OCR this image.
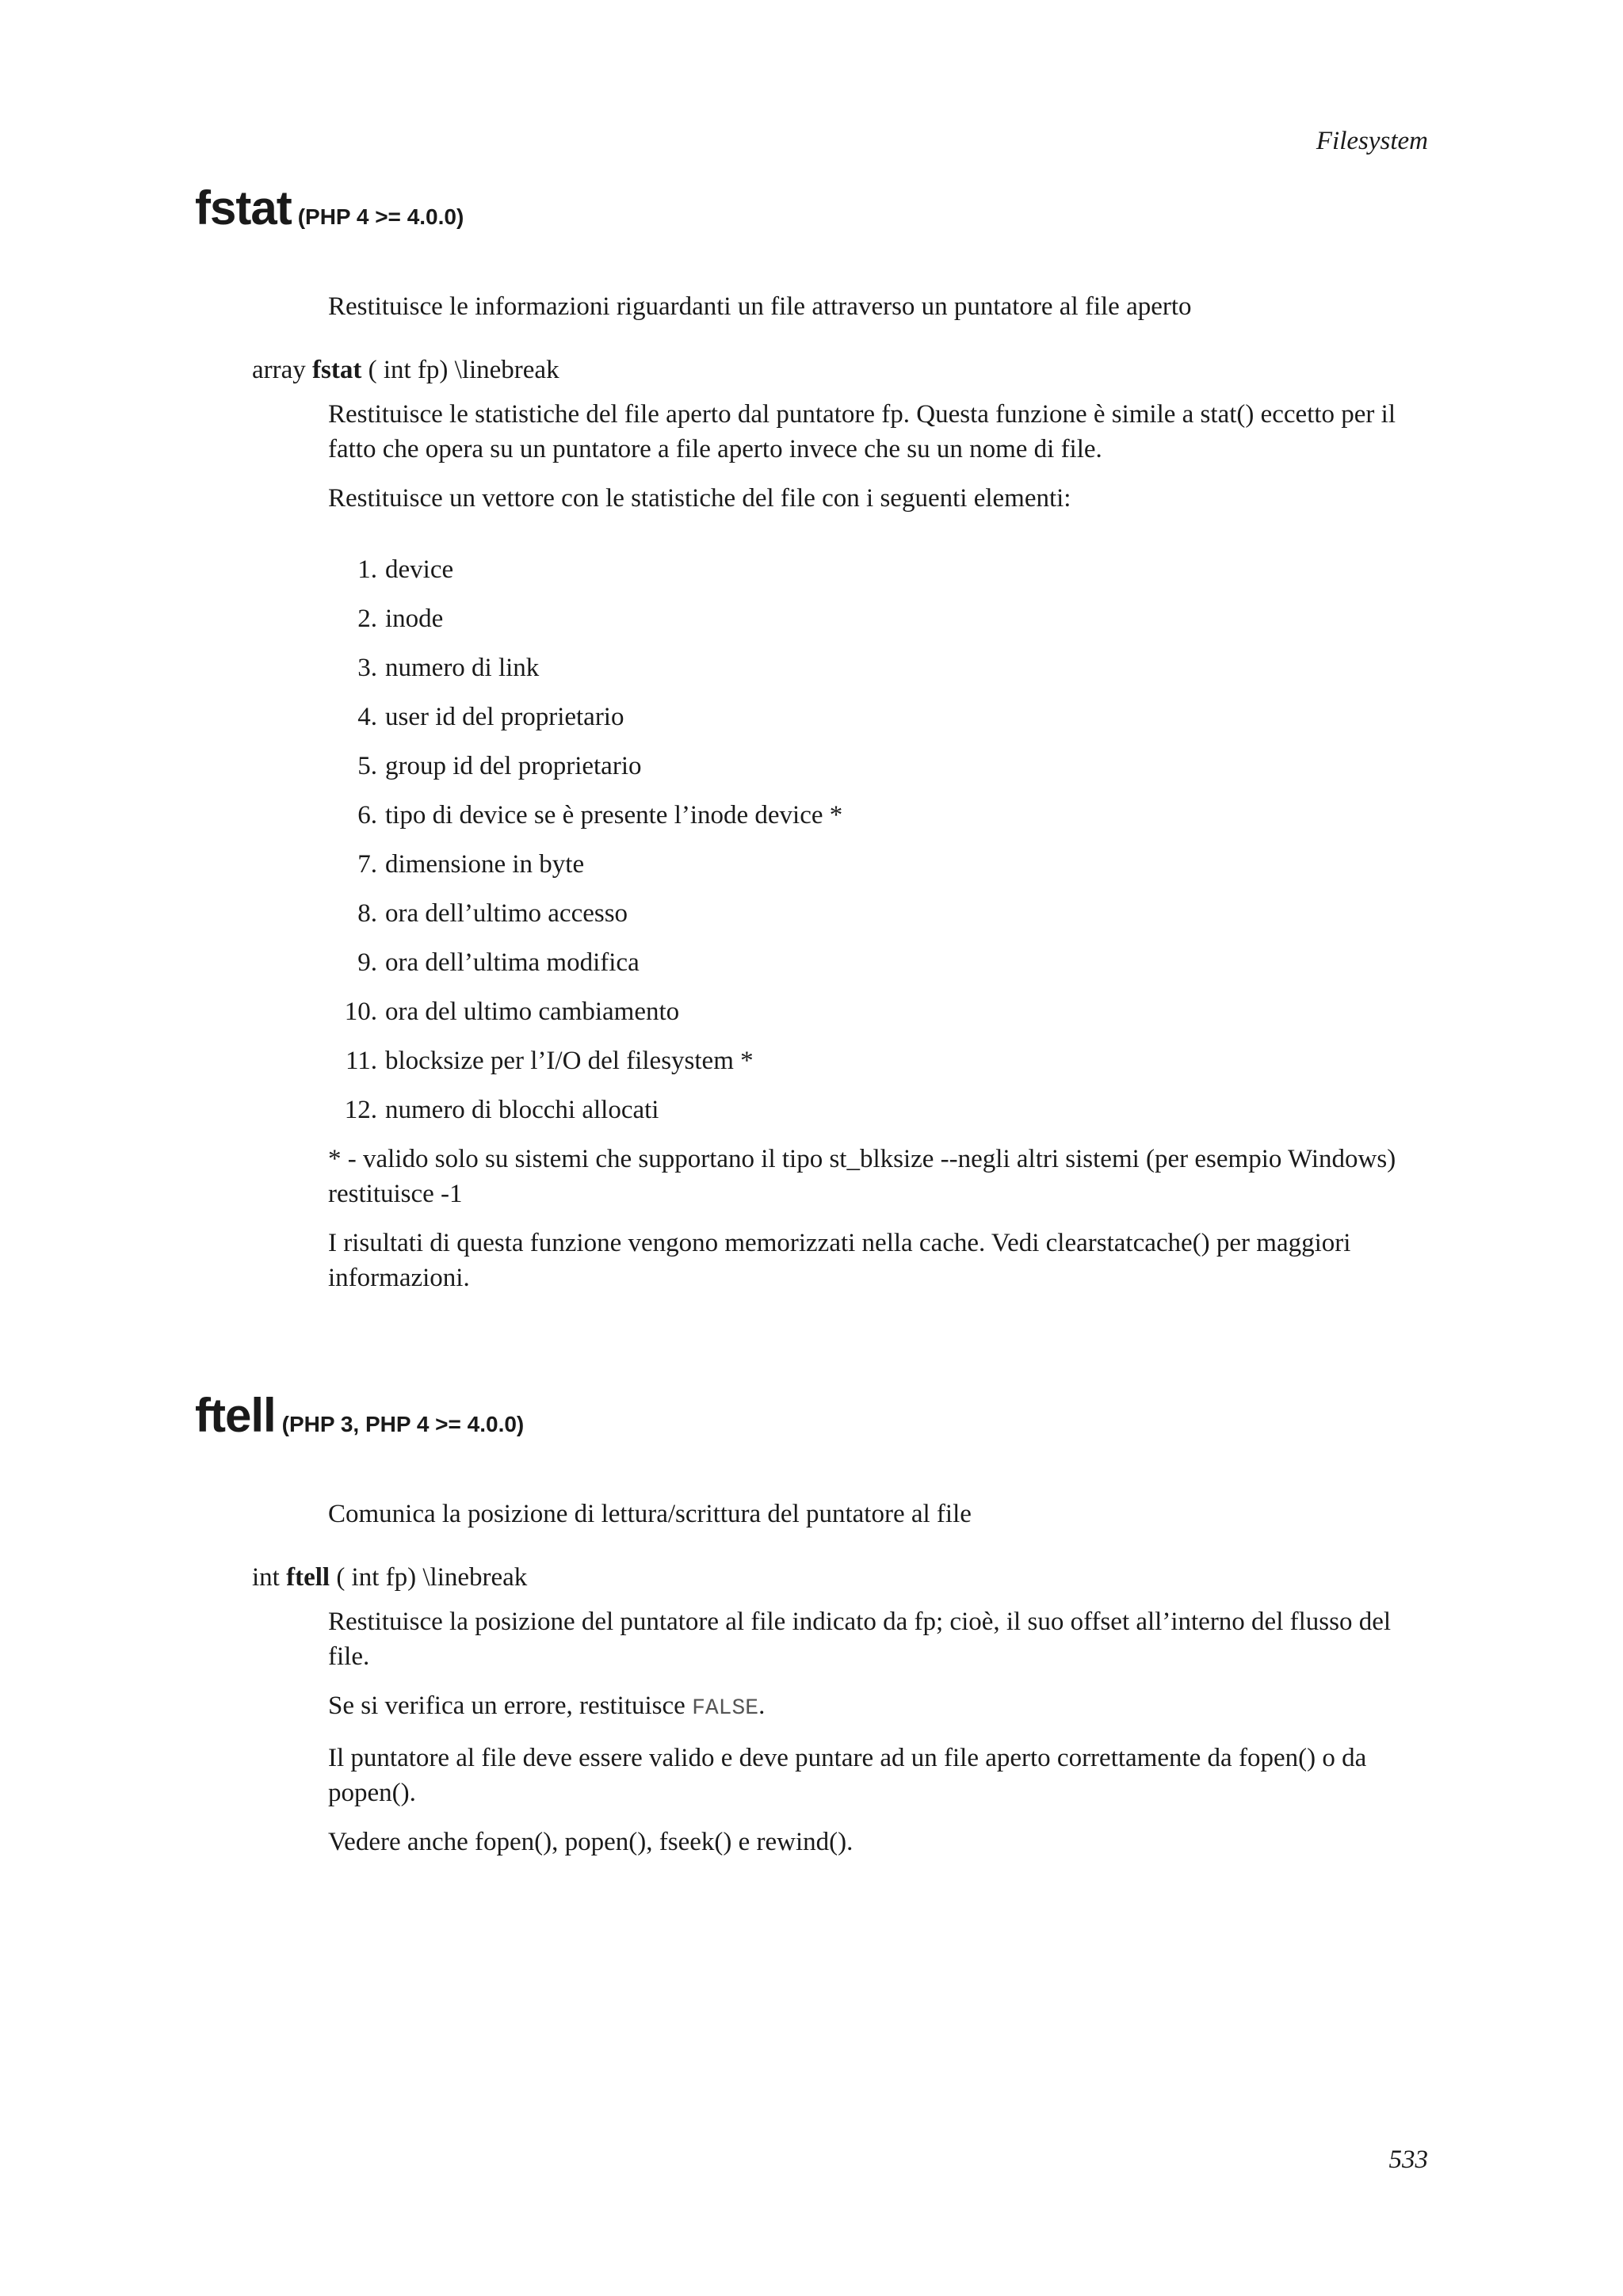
Filesystem
fstat (PHP 4 >= 4.0.0)

Restituisce le informazioni riguardanti un file attraverso un puntatore al file aperto

array fstat ( int fp) \linebreak

Restituisce le statistiche del file aperto dal puntatore fp. Questa funzione è simile a stat() eccetto per il fatto che opera su un puntatore a file aperto invece che su un nome di file.

Restituisce un vettore con le statistiche del file con i seguenti elementi:

1. device
2. inode
3. numero di link
4. user id del proprietario
5. group id del proprietario
6. tipo di device se è presente l’inode device *
7. dimensione in byte
8. ora dell’ultimo accesso
9. ora dell’ultima modifica
10. ora del ultimo cambiamento
11. blocksize per l’I/O del filesystem *
12. numero di blocchi allocati

* - valido solo su sistemi che supportano il tipo st_blksize --negli altri sistemi (per esempio Windows) restituisce -1

I risultati di questa funzione vengono memorizzati nella cache. Vedi clearstatcache() per maggiori informazioni.

ftell (PHP 3, PHP 4 >= 4.0.0)

Comunica la posizione di lettura/scrittura del puntatore al file

int ftell ( int fp) \linebreak

Restituisce la posizione del puntatore al file indicato da fp; cioè, il suo offset all’interno del flusso del file.

Se si verifica un errore, restituisce FALSE.

Il puntatore al file deve essere valido e deve puntare ad un file aperto correttamente da fopen() o da popen().

Vedere anche fopen(), popen(), fseek() e rewind().

533
